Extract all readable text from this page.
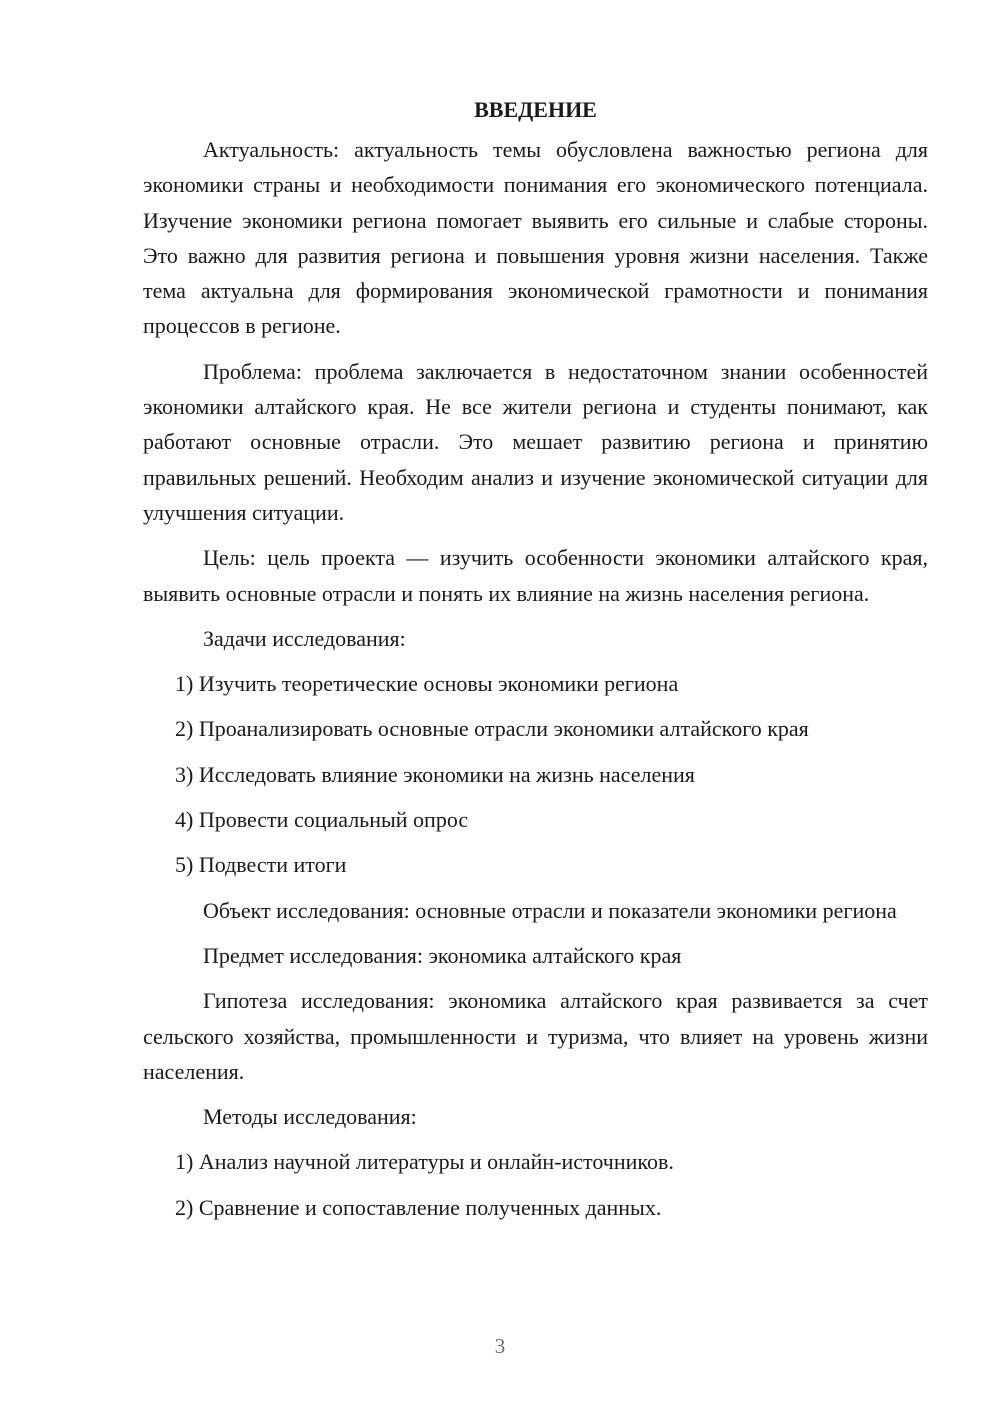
ВВЕДЕНИЕ

Актуальность: актуальность темы обусловлена важностью региона для экономики страны и необходимости понимания его экономического потенциала. Изучение экономики региона помогает выявить его сильные и слабые стороны. Это важно для развития региона и повышения уровня жизни населения. Также тема актуальна для формирования экономической грамотности и понимания процессов в регионе.

Проблема: проблема заключается в недостаточном знании особенностей экономики алтайского края. Не все жители региона и студенты понимают, как работают основные отрасли. Это мешает развитию региона и принятию правильных решений. Необходим анализ и изучение экономической ситуации для улучшения ситуации.

Цель: цель проекта — изучить особенности экономики алтайского края, выявить основные отрасли и понять их влияние на жизнь населения региона.

Задачи исследования:

1) Изучить теоретические основы экономики региона

2) Проанализировать основные отрасли экономики алтайского края

3) Исследовать влияние экономики на жизнь населения

4) Провести социальный опрос

5) Подвести итоги

Объект исследования: основные отрасли и показатели экономики региона

Предмет исследования: экономика алтайского края

Гипотеза исследования: экономика алтайского края развивается за счет сельского хозяйства, промышленности и туризма, что влияет на уровень жизни населения.

Методы исследования:

1) Анализ научной литературы и онлайн-источников.

2) Сравнение и сопоставление полученных данных.

3
